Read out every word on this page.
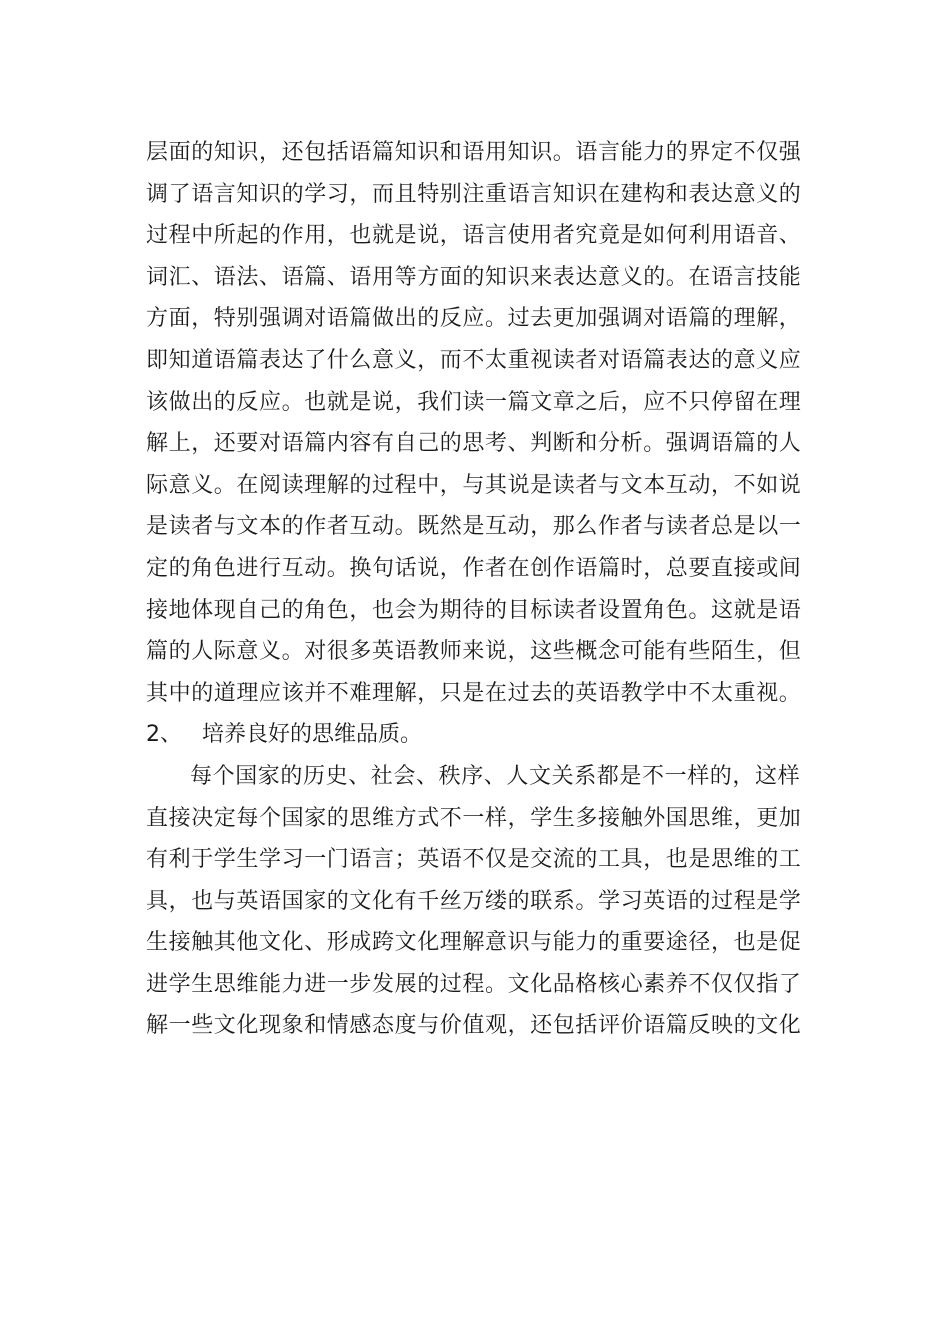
层面的知识，还包括语篇知识和语用知识。语言能力的界定不仅强
调了语言知识的学习，而且特别注重语言知识在建构和表达意义的
过程中所起的作用，也就是说，语言使用者究竟是如何利用语音、
词汇、语法、语篇、语用等方面的知识来表达意义的。在语言技能
方面，特别强调对语篇做出的反应。过去更加强调对语篇的理解，
即知道语篇表达了什么意义，而不太重视读者对语篇表达的意义应
该做出的反应。也就是说，我们读一篇文章之后，应不只停留在理
解上，还要对语篇内容有自己的思考、判断和分析。强调语篇的人
际意义。在阅读理解的过程中，与其说是读者与文本互动，不如说
是读者与文本的作者互动。既然是互动，那么作者与读者总是以一
定的角色进行互动。换句话说，作者在创作语篇时，总要直接或间
接地体现自己的角色，也会为期待的目标读者设置角色。这就是语
篇的人际意义。对很多英语教师来说，这些概念可能有些陌生，但
其中的道理应该并不难理解，只是在过去的英语教学中不太重视。
2、 培养良好的思维品质。
每个国家的历史、社会、秩序、人文关系都是不一样的，这样
直接决定每个国家的思维方式不一样，学生多接触外国思维，更加
有利于学生学习一门语言；英语不仅是交流的工具，也是思维的工
具，也与英语国家的文化有千丝万缕的联系。学习英语的过程是学
生接触其他文化、形成跨文化理解意识与能力的重要途径，也是促
进学生思维能力进一步发展的过程。文化品格核心素养不仅仅指了
解一些文化现象和情感态度与价值观，还包括评价语篇反映的文化
